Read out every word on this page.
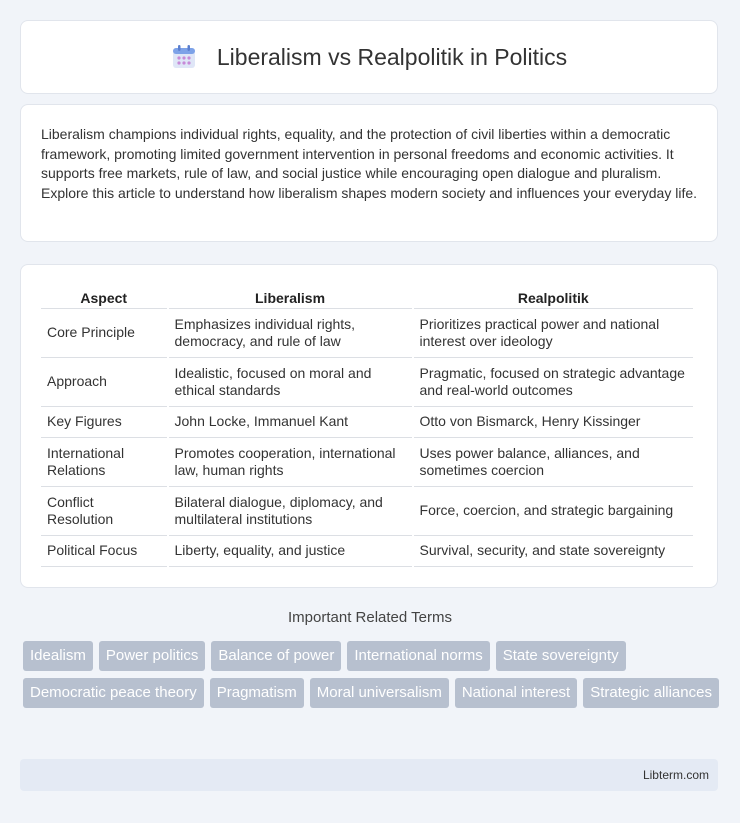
Liberalism vs Realpolitik in Politics

Liberalism champions individual rights, equality, and the protection of civil liberties within a democratic framework, promoting limited government intervention in personal freedoms and economic activities. It supports free markets, rule of law, and social justice while encouraging open dialogue and pluralism. Explore this article to understand how liberalism shapes modern society and influences your everyday life.

Aspect	Liberalism	Realpolitik
Core Principle	Emphasizes individual rights, democracy, and rule of law	Prioritizes practical power and national interest over ideology
Approach	Idealistic, focused on moral and ethical standards	Pragmatic, focused on strategic advantage and real-world outcomes
Key Figures	John Locke, Immanuel Kant	Otto von Bismarck, Henry Kissinger
International Relations	Promotes cooperation, international law, human rights	Uses power balance, alliances, and sometimes coercion
Conflict Resolution	Bilateral dialogue, diplomacy, and multilateral institutions	Force, coercion, and strategic bargaining
Political Focus	Liberty, equality, and justice	Survival, security, and state sovereignty
Important Related Terms
Idealism	Power politics	Balance of power	International norms	State sovereignty
Democratic peace theory	Pragmatism	Moral universalism	National interest	Strategic alliances
Libterm.com
